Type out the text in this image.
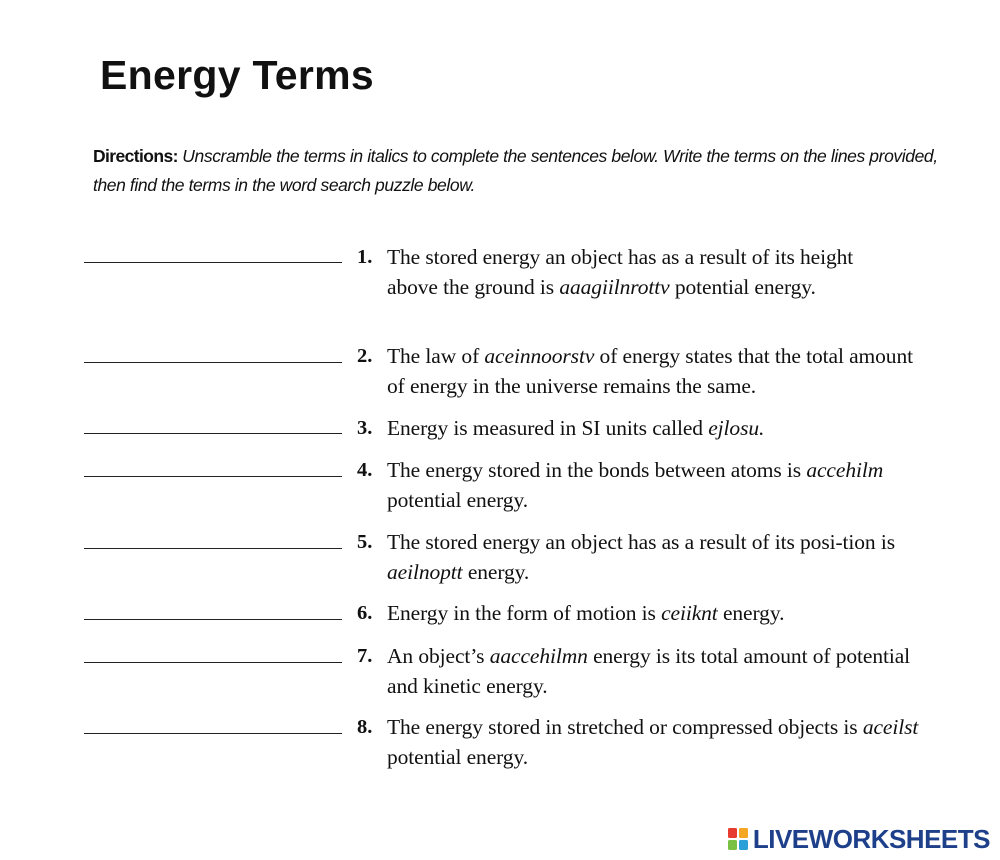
Energy Terms

Directions: Unscramble the terms in italics to complete the sentences below. Write the terms on the lines provided, then find the terms in the word search puzzle below.

1. The stored energy an object has as a result of its height above the ground is aaagiilnrottv potential energy.
2. The law of aceinnoorstv of energy states that the total amount of energy in the universe remains the same.
3. Energy is measured in SI units called ejlosu.
4. The energy stored in the bonds between atoms is accehilm potential energy.
5. The stored energy an object has as a result of its posi-tion is aeilnoptt energy.
6. Energy in the form of motion is ceiiknt energy.
7. An object’s aaccehilmn energy is its total amount of potential and kinetic energy.
8. The energy stored in stretched or compressed objects is aceilst potential energy.
LIVEWORKSHEETS
